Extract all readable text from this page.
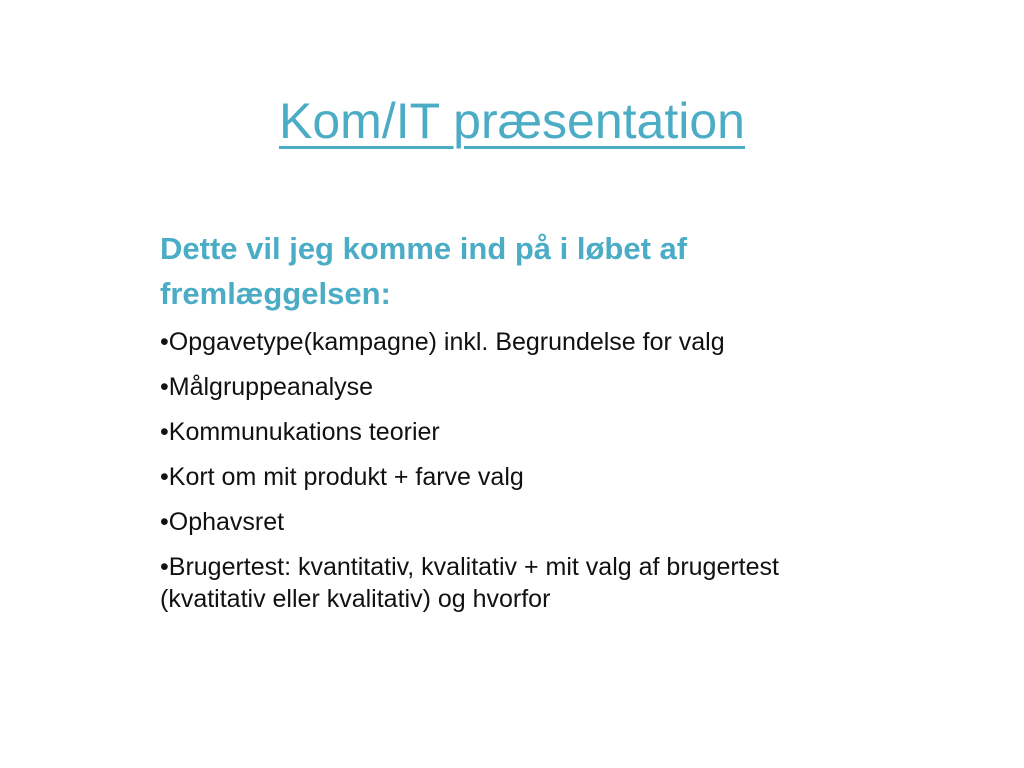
Kom/IT præsentation

Dette vil jeg komme ind på i løbet af fremlæggelsen:

•Opgavetype(kampagne) inkl. Begrundelse for valg
•Målgruppeanalyse
•Kommunukations teorier
•Kort om mit produkt + farve valg
•Ophavsret
•Brugertest: kvantitativ, kvalitativ + mit valg af brugertest (kvatitativ eller kvalitativ) og hvorfor
